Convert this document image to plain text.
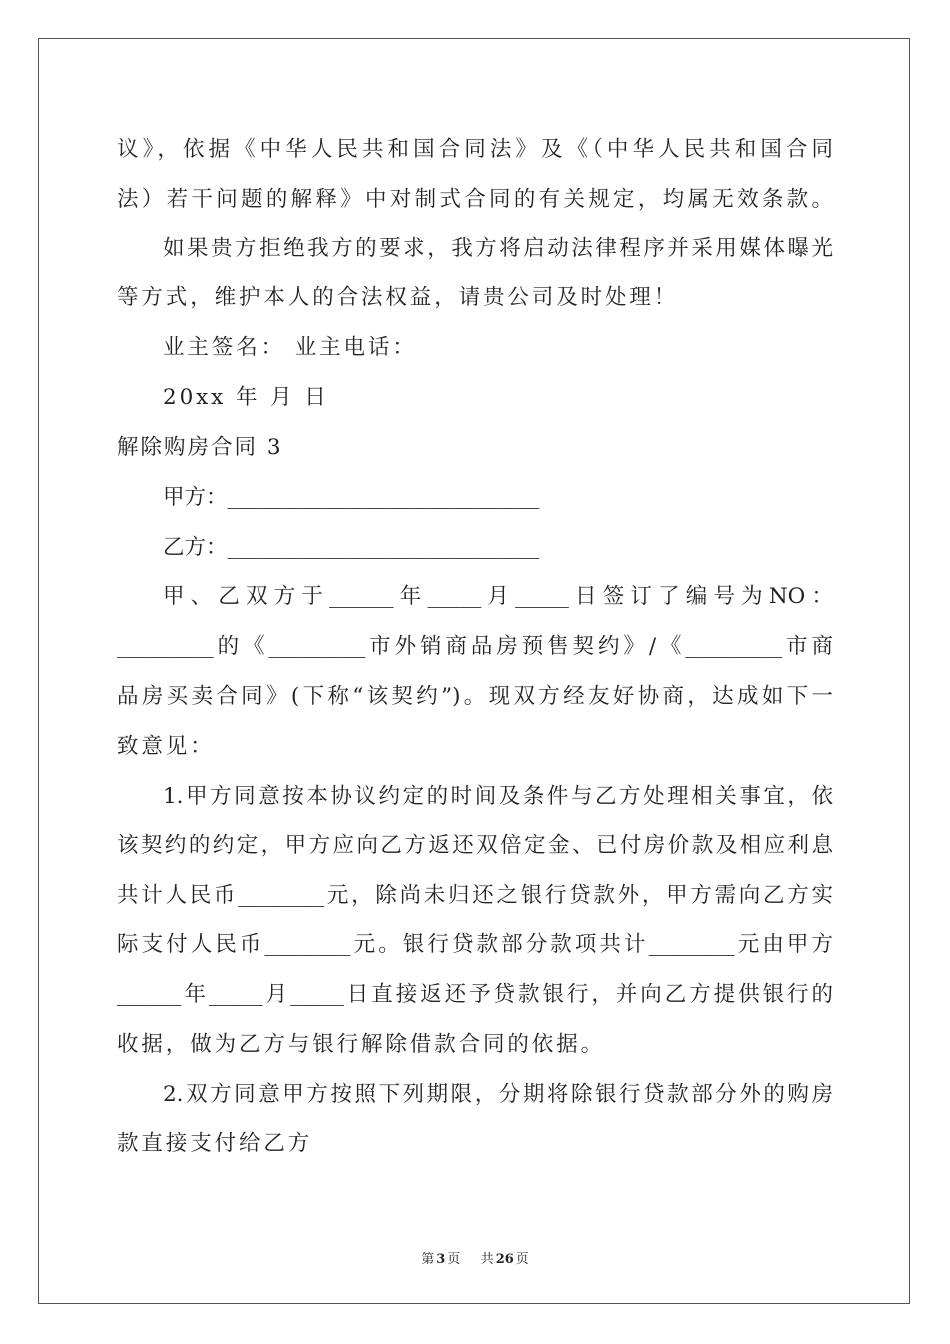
议》，依据《中华人民共和国合同法》及《（中华人民共和国合同
法）若干问题的解释》中对制式合同的有关规定，均属无效条款。
如果贵方拒绝我方的要求，我方将启动法律程序并采用媒体曝光
等方式，维护本人的合法权益，请贵公司及时处理！
业主签名： 业主电话：
20xx 年 月 日
解除购房合同 3
甲方：_____________________________
乙方：_____________________________
甲、乙双方于______年_____月_____日签订了编号为NO：
_________的《_________市外销商品房预售契约》/《_________市商
品房买卖合同》(下称“该契约”)。现双方经友好协商，达成如下一
致意见：
1.甲方同意按本协议约定的时间及条件与乙方处理相关事宜，依
该契约的约定，甲方应向乙方返还双倍定金、已付房价款及相应利息
共计人民币________元，除尚未归还之银行贷款外，甲方需向乙方实
际支付人民币________元。银行贷款部分款项共计________元由甲方
______年_____月_____日直接返还予贷款银行，并向乙方提供银行的
收据，做为乙方与银行解除借款合同的依据。
2.双方同意甲方按照下列期限，分期将除银行贷款部分外的购房
款直接支付给乙方
第 3 页 共 26 页
